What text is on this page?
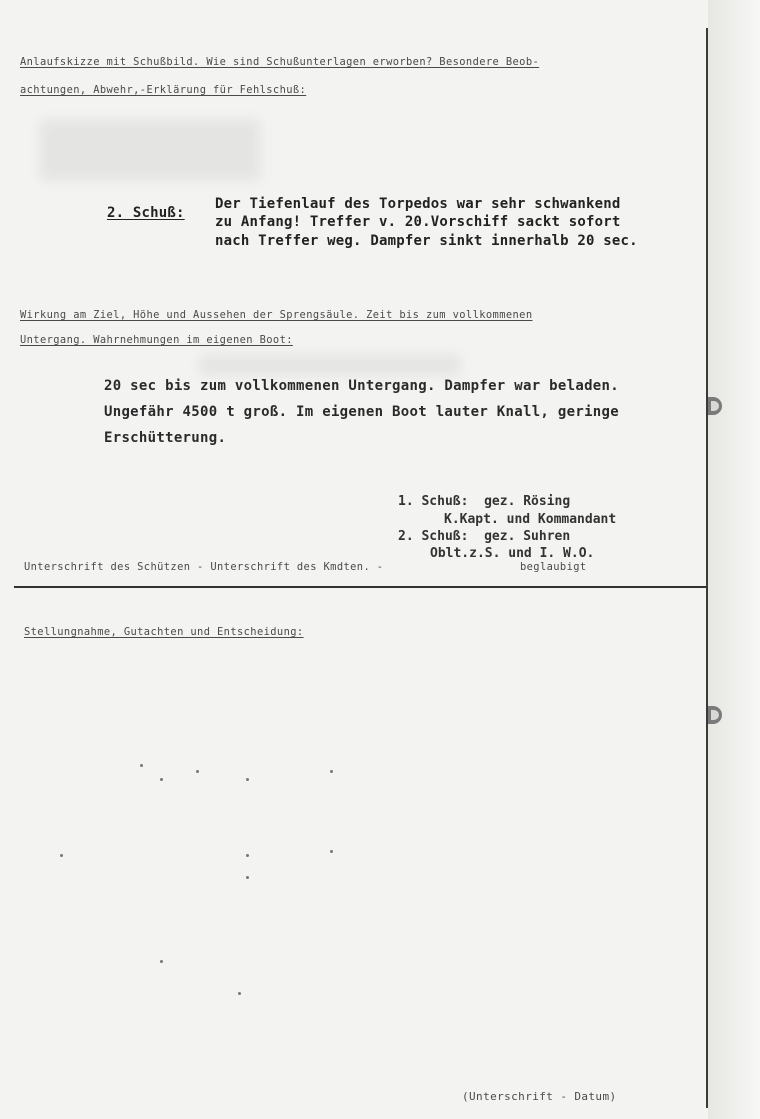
Anlaufskizze mit Schußbild. Wie sind Schußunterlagen erworben? Besondere Beob-
achtungen, Abwehr,-Erklärung für Fehlschuß:
2. Schuß:
Der Tiefenlauf des Torpedos war sehr schwankend
zu Anfang! Treffer v. 20.Vorschiff sackt sofort
nach Treffer weg. Dampfer sinkt innerhalb 20 sec.
Wirkung am Ziel, Höhe und Aussehen der Sprengsäule. Zeit bis zum vollkommenen
Untergang. Wahrnehmungen im eigenen Boot:
20 sec bis zum vollkommenen Untergang. Dampfer war beladen.
Ungefähr 4500 t groß. Im eigenen Boot lauter Knall, geringe
Erschütterung.
1. Schuß:  gez. Rösing
K.Kapt. und Kommandant
2. Schuß:  gez. Suhren
Oblt.z.S. und I. W.O.
Unterschrift des Schützen - Unterschrift des Kmdten. -	beglaubigt
Stellungnahme, Gutachten und Entscheidung:
(Unterschrift - Datum)
